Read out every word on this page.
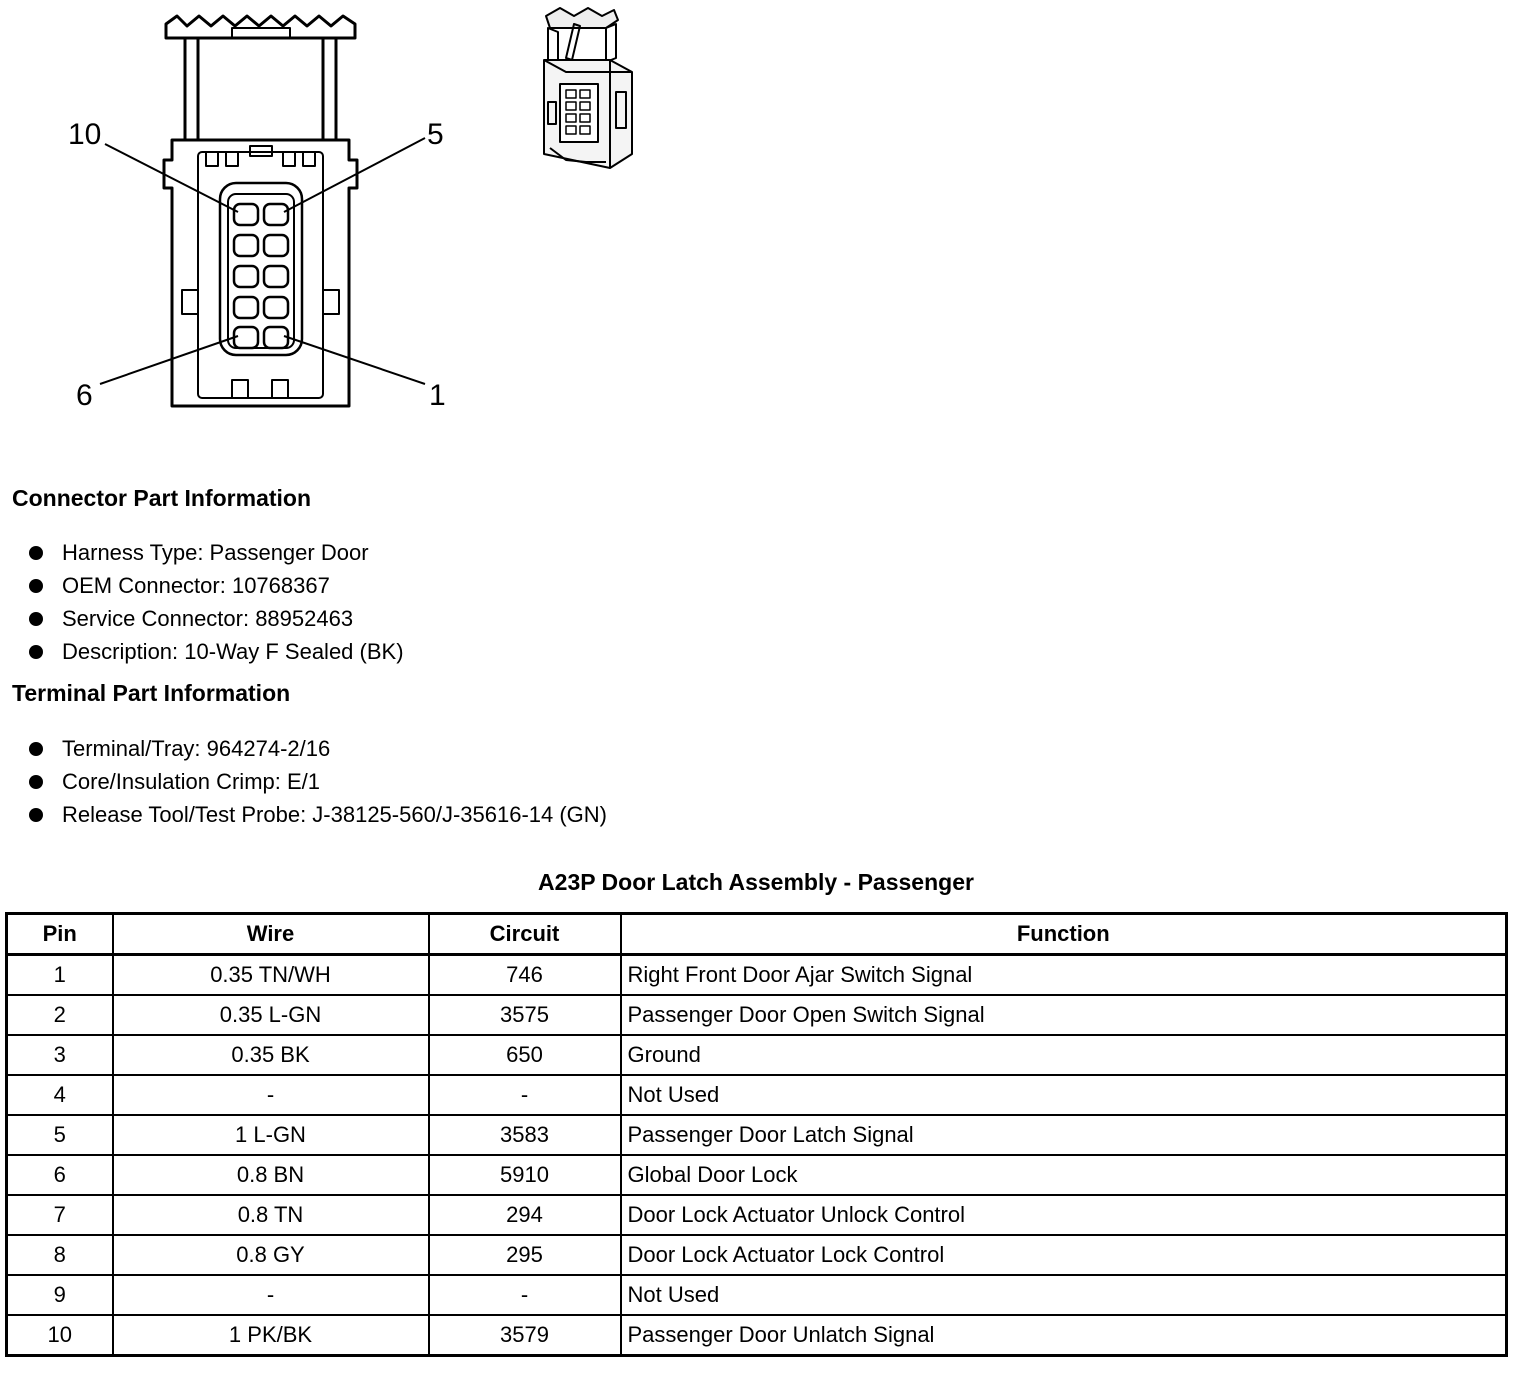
10	5
6	1
Connector Part Information
Harness Type: Passenger Door
OEM Connector: 10768367
Service Connector: 88952463
Description: 10-Way F Sealed (BK)
Terminal Part Information
Terminal/Tray: 964274-2/16
Core/Insulation Crimp: E/1
Release Tool/Test Probe: J-38125-560/J-35616-14 (GN)
A23P Door Latch Assembly - Passenger
Pin	Wire	Circuit	Function
1	0.35 TN/WH	746	Right Front Door Ajar Switch Signal
2	0.35 L-GN	3575	Passenger Door Open Switch Signal
3	0.35 BK	650	Ground
4	-	-	Not Used
5	1 L-GN	3583	Passenger Door Latch Signal
6	0.8 BN	5910	Global Door Lock
7	0.8 TN	294	Door Lock Actuator Unlock Control
8	0.8 GY	295	Door Lock Actuator Lock Control
9	-	-	Not Used
10	1 PK/BK	3579	Passenger Door Unlatch Signal
